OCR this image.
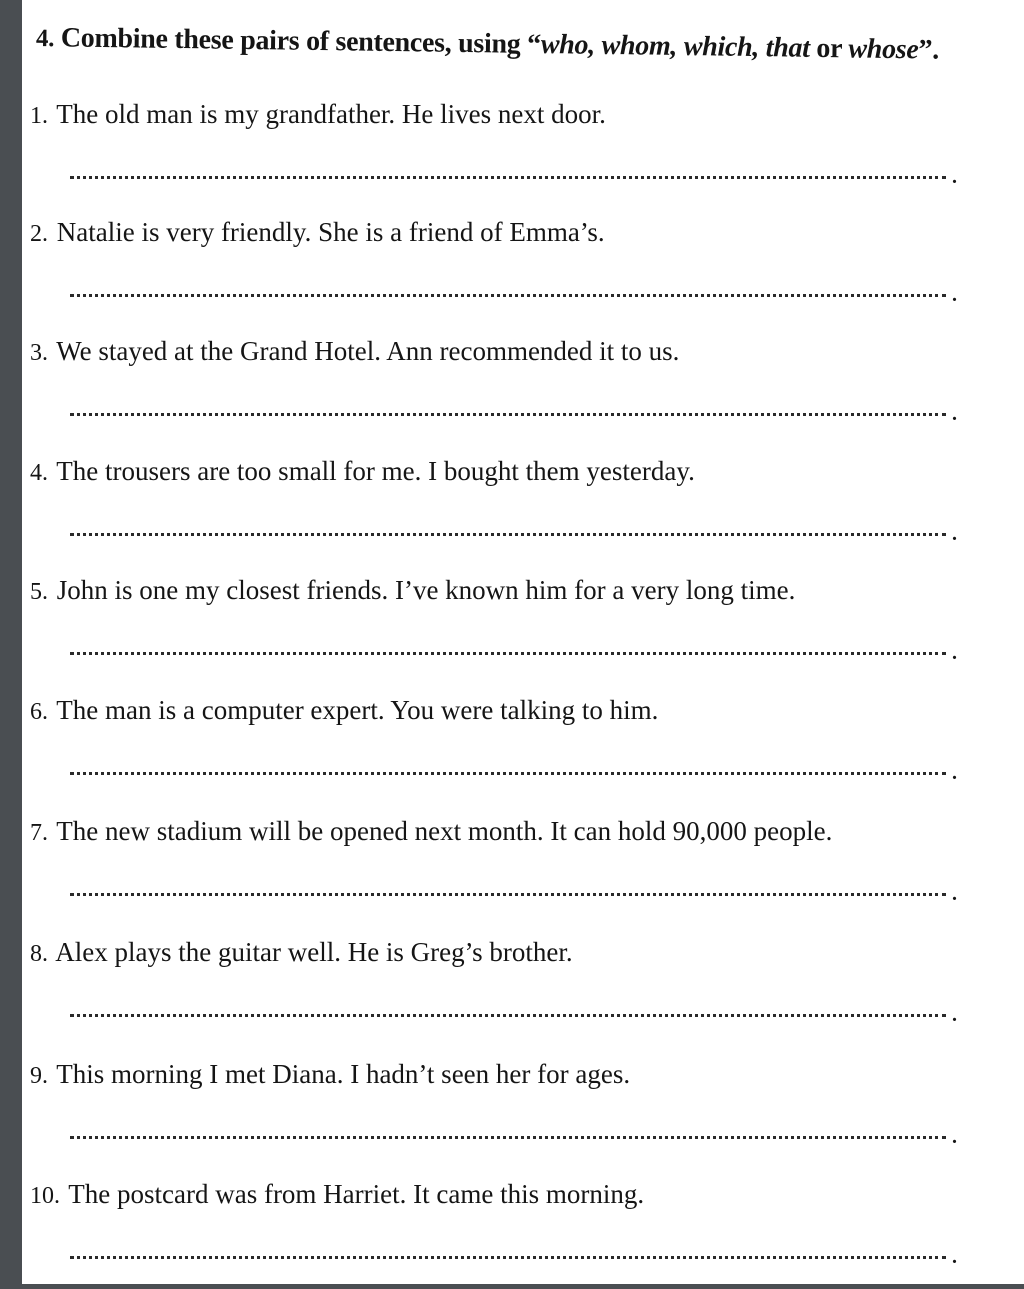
4. Combine these pairs of sentences, using “who, whom, which, that or whose”.
1. The old man is my grandfather. He lives next door.
.
2. Natalie is very friendly. She is a friend of Emma’s.
.
3. We stayed at the Grand Hotel. Ann recommended it to us.
.
4. The trousers are too small for me. I bought them yesterday.
.
5. John is one my closest friends. I’ve known him for a very long time.
.
6. The man is a computer expert. You were talking to him.
.
7. The new stadium will be opened next month. It can hold 90,000 people.
.
8. Alex plays the guitar well. He is Greg’s brother.
.
9. This morning I met Diana. I hadn’t seen her for ages.
.
10. The postcard was from Harriet. It came this morning.
.
